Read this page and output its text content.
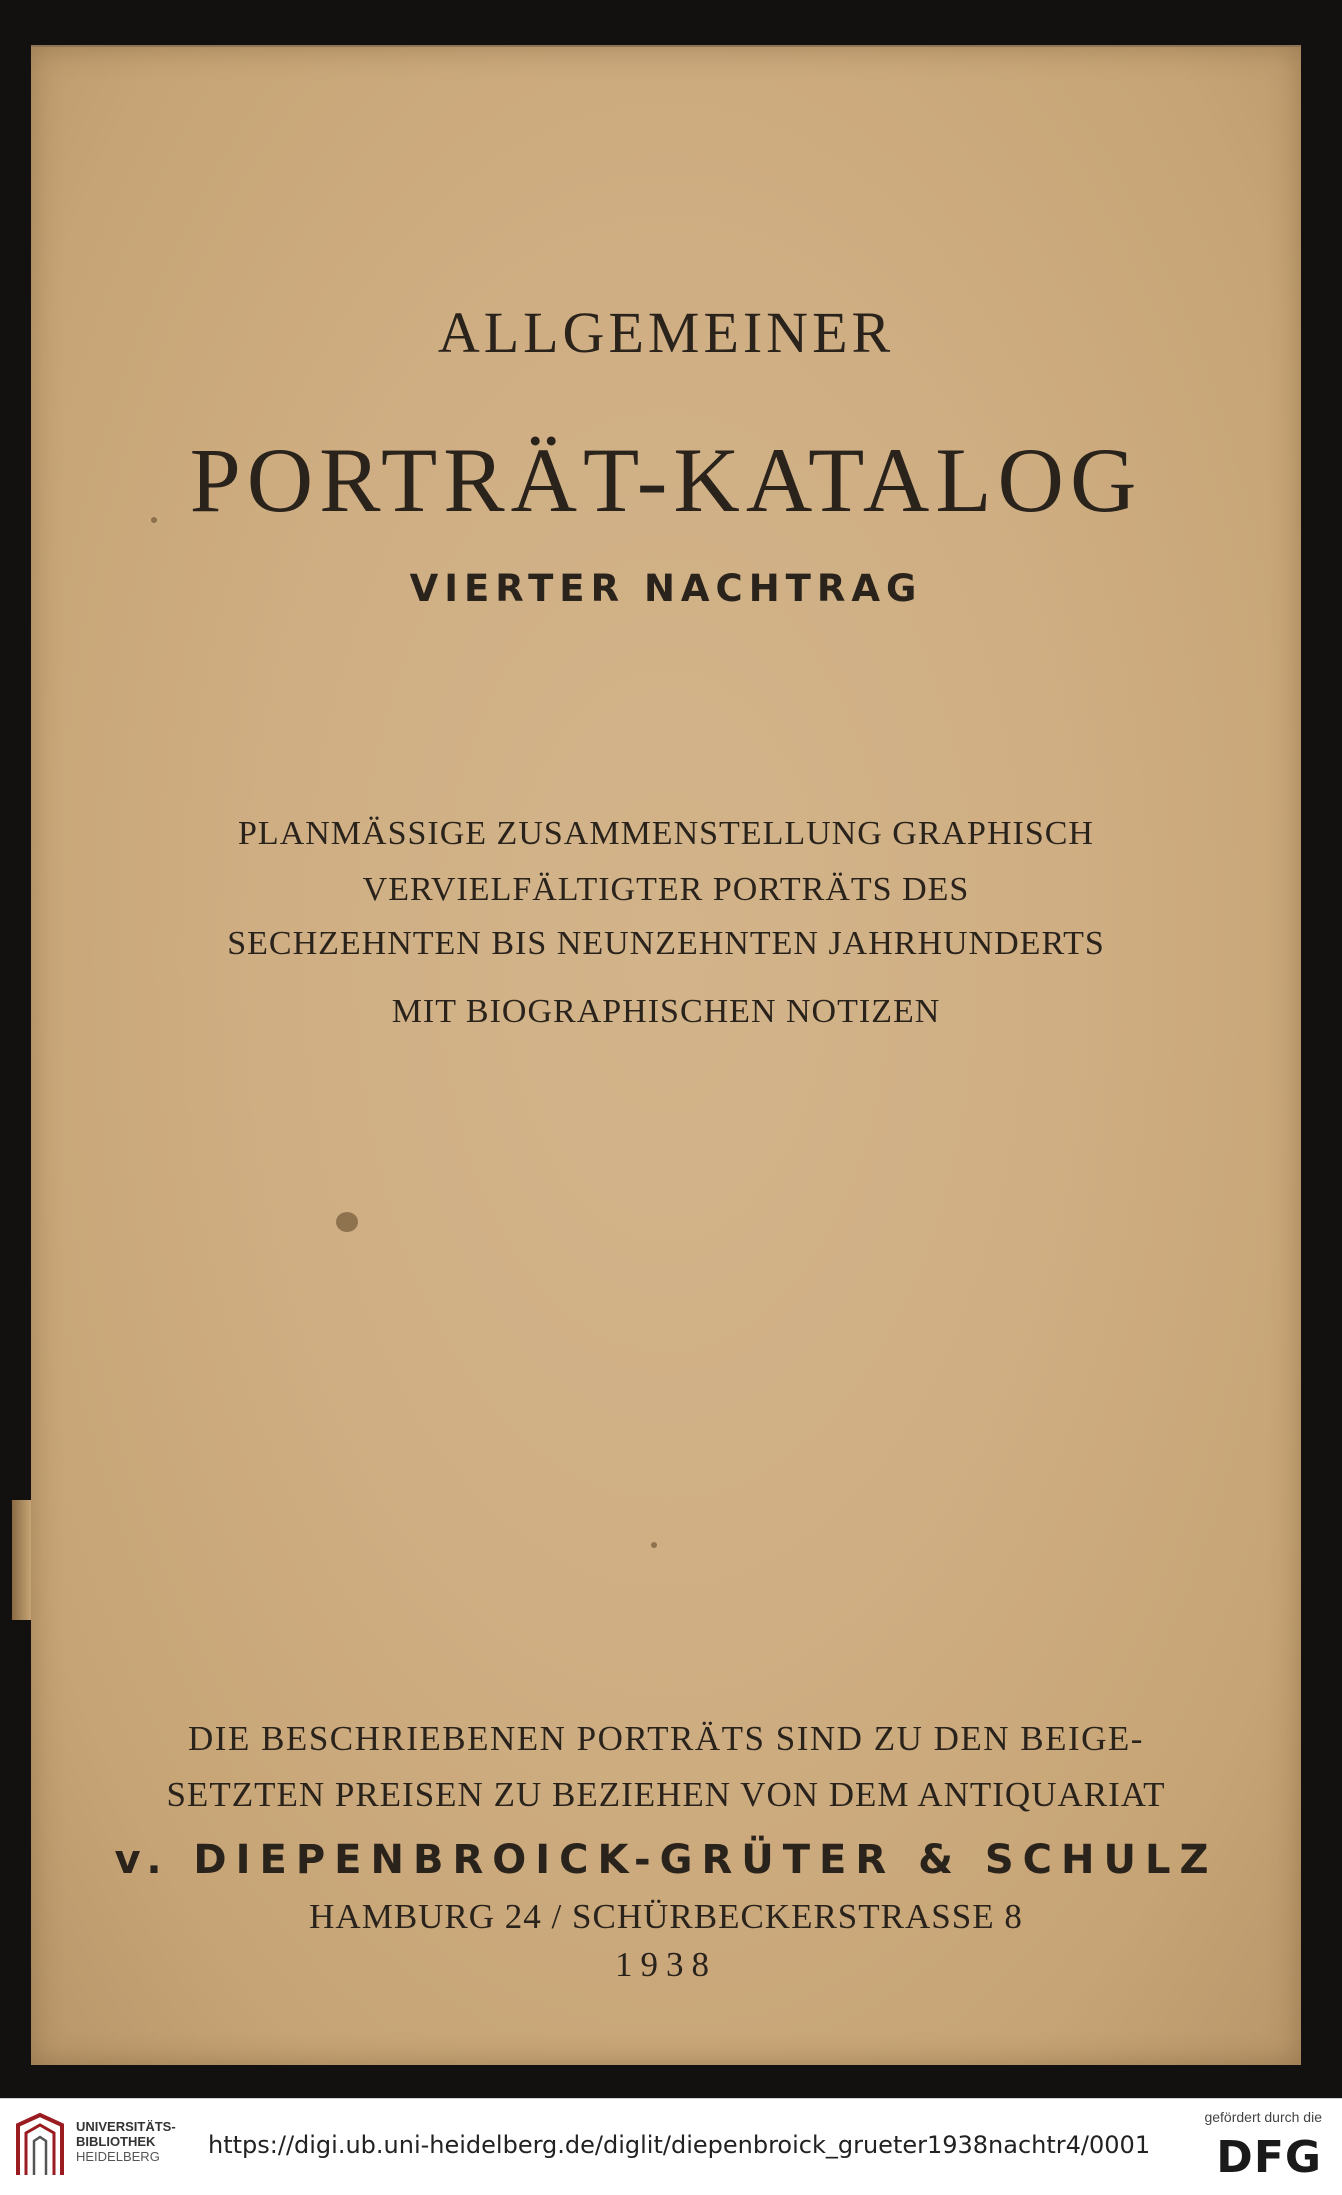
ALLGEMEINER
PORTRÄT-KATALOG
VIERTER NACHTRAG
PLANMÄSSIGE ZUSAMMENSTELLUNG GRAPHISCH
VERVIELFÄLTIGTER PORTRÄTS DES
SECHZEHNTEN BIS NEUNZEHNTEN JAHRHUNDERTS
MIT BIOGRAPHISCHEN NOTIZEN
DIE BESCHRIEBENEN PORTRÄTS SIND ZU DEN BEIGE-
SETZTEN PREISEN ZU BEZIEHEN VON DEM ANTIQUARIAT
v. DIEPENBROICK-GRÜTER & SCHULZ
HAMBURG 24 / SCHÜRBECKERSTRASSE 8
1938
UNIVERSITÄTS-
BIBLIOTHEK
HEIDELBERG	https://digi.ub.uni-heidelberg.de/diglit/diepenbroick_grueter1938nachtr4/0001
gefördert durch die
DFG
